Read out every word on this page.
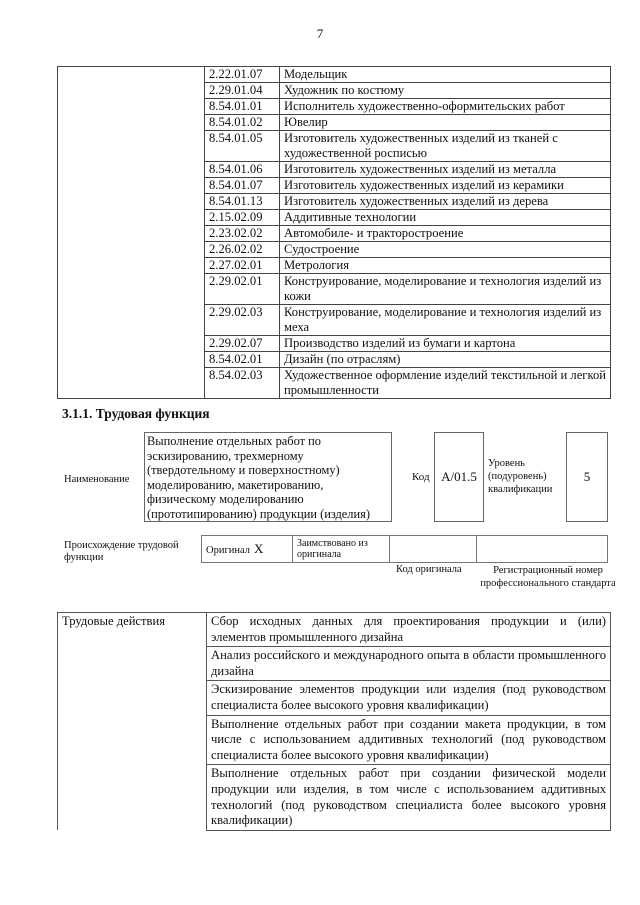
7
	2.22.01.07	Модельщик
	2.29.01.04	Художник по костюму
	8.54.01.01	Исполнитель художественно-оформительских работ
	8.54.01.02	Ювелир
	8.54.01.05	Изготовитель художественных изделий из тканей с художественной росписью
	8.54.01.06	Изготовитель художественных изделий из металла
	8.54.01.07	Изготовитель художественных изделий из керамики
	8.54.01.13	Изготовитель художественных изделий из дерева
	2.15.02.09	Аддитивные технологии
	2.23.02.02	Автомобиле- и тракторостроение
	2.26.02.02	Судостроение
	2.27.02.01	Метрология
	2.29.02.01	Конструирование, моделирование и технология изделий из кожи
	2.29.02.03	Конструирование, моделирование и технология изделий из меха
	2.29.02.07	Производство изделий из бумаги и картона
	8.54.02.01	Дизайн (по отраслям)
	8.54.02.03	Художественное оформление изделий текстильной и легкой промышленности
3.1.1. Трудовая функция
Наименование
Выполнение отдельных работ по эскизированию, трехмерному (твердотельному и поверхностному) моделированию, макетированию, физическому моделированию (прототипированию) продукции (изделия)
Код A/01.5
Уровень (подуровень) квалификации
5
Происхождение трудовой функции
Оригинал X	Заимствовано из оригинала		
Код оригинала	Регистрационный номер профессионального стандарта
Трудовые действия	Сбор исходных данных для проектирования продукции и (или) элементов промышленного дизайна
Анализ российского и международного опыта в области промышленного дизайна
Эскизирование элементов продукции или изделия (под руководством специалиста более высокого уровня квалификации)
Выполнение отдельных работ при создании макета продукции, в том числе с использованием аддитивных технологий (под руководством специалиста более высокого уровня квалификации)
Выполнение отдельных работ при создании физической модели продукции или изделия, в том числе с использованием аддитивных технологий (под руководством специалиста более высокого уровня квалификации)
